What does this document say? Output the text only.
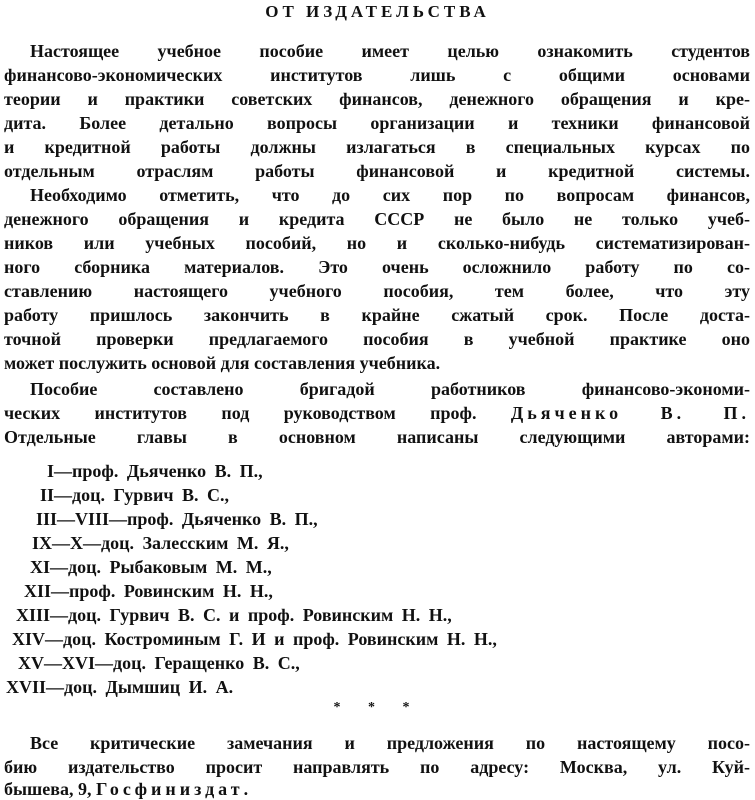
ОТ ИЗДАТЕЛЬСТВА
Настоящее учебное пособие имеет целью ознакомить студентов
финансово-экономических институтов лишь с общими основами
теории и практики советских финансов, денежного обращения и кре-
дита. Более детально вопросы организации и техники финансовой
и кредитной работы должны излагаться в специальных курсах по
отдельным отраслям работы финансовой и кредитной системы.
Необходимо отметить, что до сих пор по вопросам финансов,
денежного обращения и кредита СССР не было не только учеб-
ников или учебных пособий, но и сколько-нибудь систематизирован-
ного сборника материалов. Это очень осложнило работу по со-
ставлению настоящего учебного пособия, тем более, что эту
работу пришлось закончить в крайне сжатый срок. После доста-
точной проверки предлагаемого пособия в учебной практике оно
может послужить основой для составления учебника.
Пособие составлено бригадой работников финансово-экономи-
ческих институтов под руководством проф. Дьяченко В. П.
Отдельные главы в основном написаны следующими авторами:
I—проф. Дьяченко В. П.,
II—доц. Гурвич В. С.,
III—VIII—проф. Дьяченко В. П.,
IX—X—доц. Залесским М. Я.,
XI—доц. Рыбаковым М. М.,
XII—проф. Ровинским Н. Н.,
XIII—доц. Гурвич В. С. и проф. Ровинским Н. Н.,
XIV—доц. Костроминым Г. И и проф. Ровинским Н. Н.,
XV—XVI—доц. Геращенко В. С.,
XVII—доц. Дымшиц И. А.
* * *
Все критические замечания и предложения по настоящему посо-
бию издательство просит направлять по адресу: Москва, ул. Куй-
бышева, 9, Госфиниздат.
